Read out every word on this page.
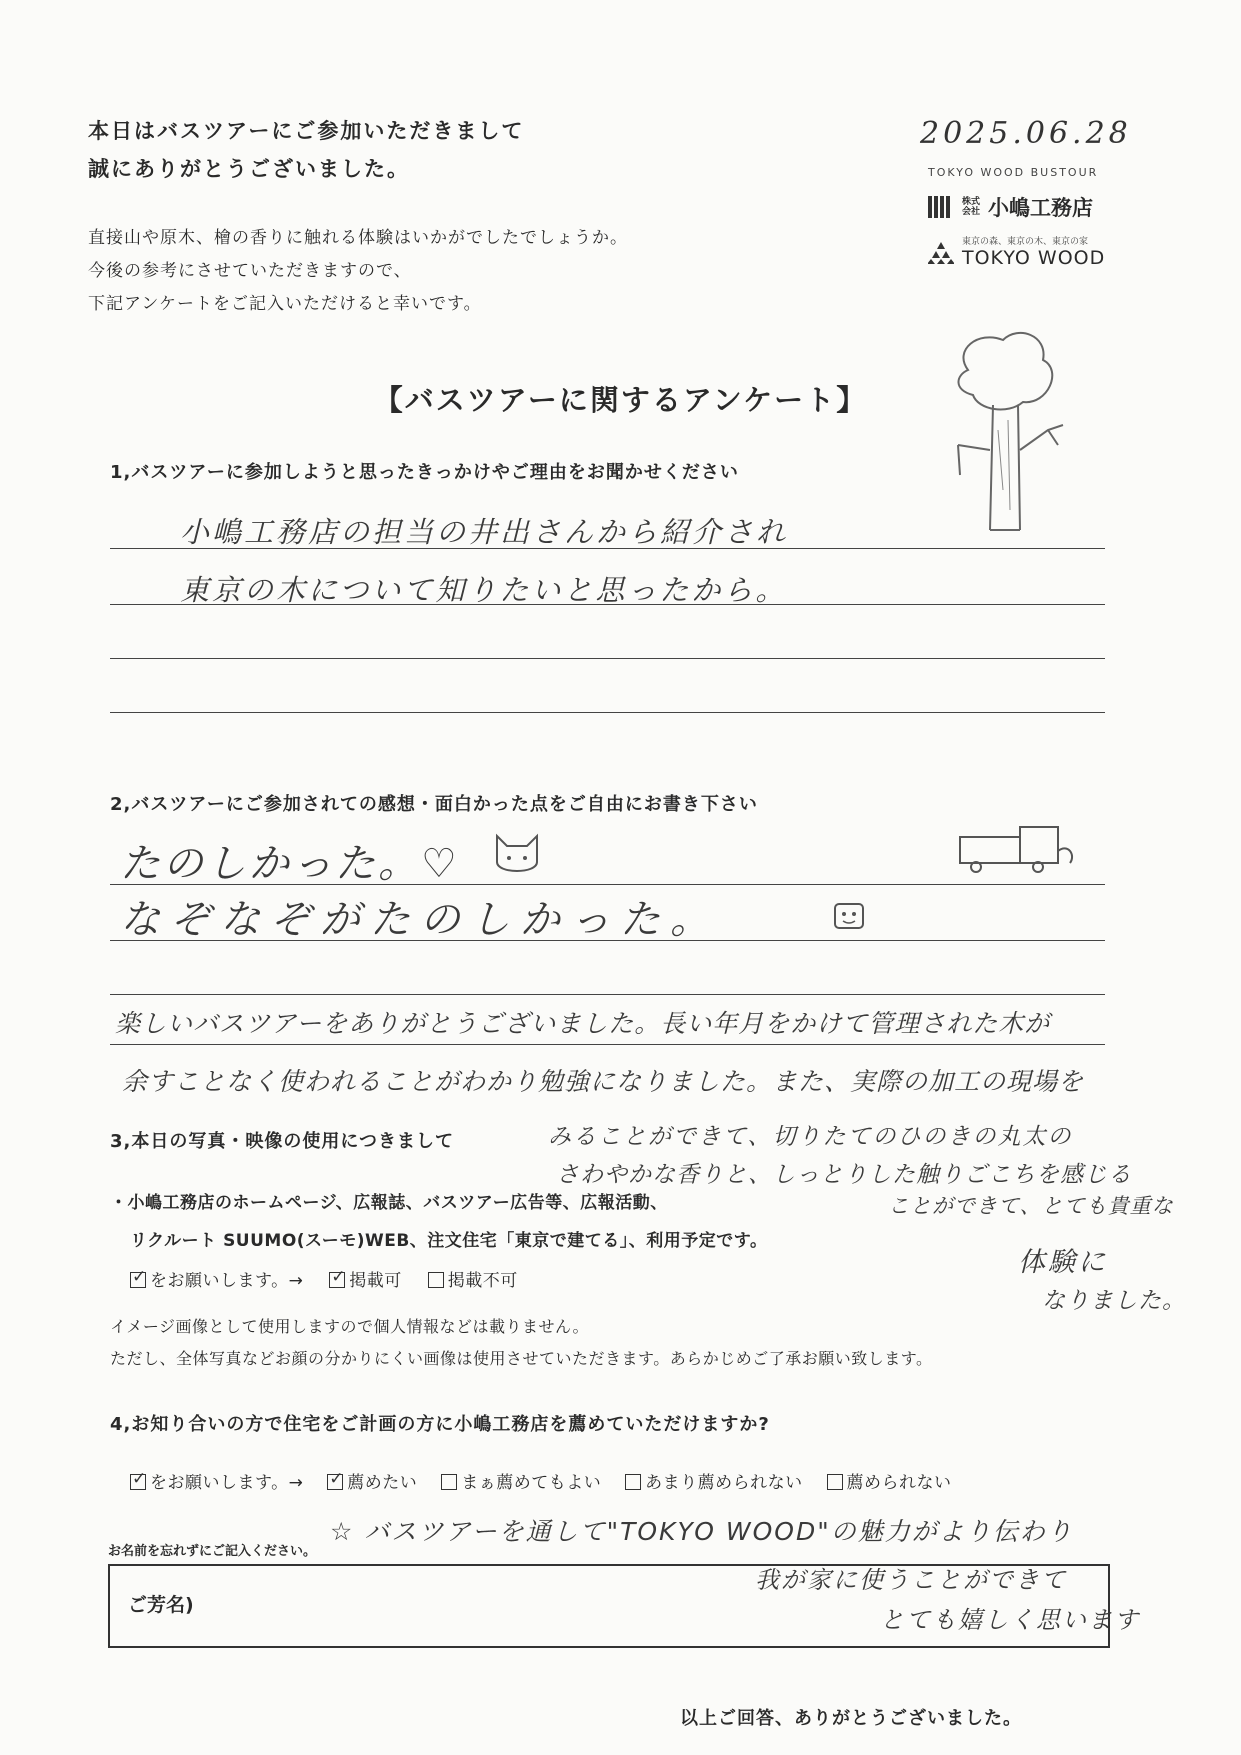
本日はバスツアーにご参加いただきまして
誠にありがとうございました。
直接山や原木、檜の香りに触れる体験はいかがでしたでしょうか。
今後の参考にさせていただきますので、
下記アンケートをご記入いただけると幸いです。
2025.06.28
TOKYO WOOD BUSTOUR
株式会社 小嶋工務店
東京の森、東京の木、東京の家
TOKYO WOOD
【バスツアーに関するアンケート】
1,バスツアーに参加しようと思ったきっかけやご理由をお聞かせください
小嶋工務店の担当の井出さんから紹介され
東京の木について知りたいと思ったから。
2,バスツアーにご参加されての感想・面白かった点をご自由にお書き下さい
たのしかった。♡
なぞなぞがたのしかった。
楽しいバスツアーをありがとうございました。長い年月をかけて管理された木が
余すことなく使われることがわかり勉強になりました。また、実際の加工の現場を
みることができて、切りたてのひのきの丸太の
さわやかな香りと、しっとりした触りごこちを感じる
ことができて、とても貴重な
体験に
なりました。
3,本日の写真・映像の使用につきまして
・小嶋工務店のホームページ、広報誌、バスツアー広告等、広報活動、
リクルート SUUMO(スーモ)WEB、注文住宅「東京で建てる」、利用予定です。
✓をお願いします。→ ✓	掲載可	掲載不可
イメージ画像として使用しますので個人情報などは載りません。
ただし、全体写真などお顔の分かりにくい画像は使用させていただきます。あらかじめご了承お願い致します。
4,お知り合いの方で住宅をご計画の方に小嶋工務店を薦めていただけますか?
✓をお願いします。→ ✓	薦めたい	まぁ薦めてもよい	あまり薦められない	薦められない
☆ バスツアーを通して"TOKYO WOOD"の魅力がより伝わり
お名前を忘れずにご記入ください。
ご芳名)
我が家に使うことができて
とても嬉しく思います
以上ご回答、ありがとうございました。
